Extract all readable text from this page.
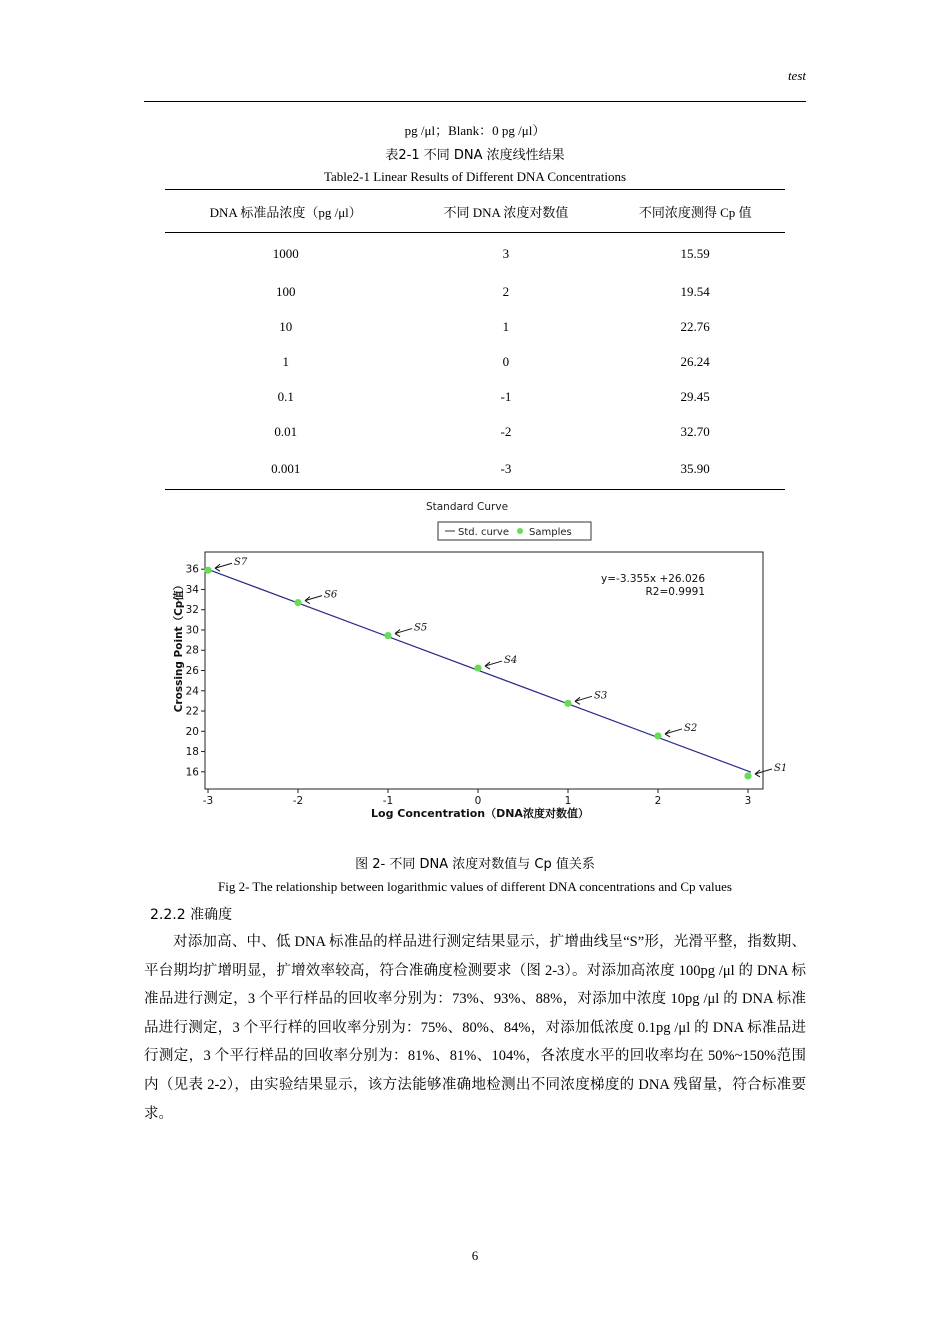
test
pg /μl；Blank：0 pg /μl）
表2-1 不同 DNA 浓度线性结果
Table2-1 Linear Results of Different DNA Concentrations
DNA 标准品浓度（pg /μl）	不同 DNA 浓度对数值	不同浓度测得 Cp 值
1000	3	15.59
100	2	19.54
10	1	22.76
1	0	26.24
0.1	-1	29.45
0.01	-2	32.70
0.001	-3	35.90
Standard Curve
Std. curve Samples
16
18
20
22
24
26
28
30
32
34
36
-3	-2	-1	0	1	2	3
S1
S2
S3
S4
S5
S6
S7
y=-3.355x +26.026
R2=0.9991
Log Concentration（DNA浓度对数值）
Crossing Point（Cp值）
图 2- 不同 DNA 浓度对数值与 Cp 值关系
Fig 2- The relationship between logarithmic values of different DNA concentrations and Cp values
2.2.2 准确度
对添加高、中、低 DNA 标准品的样品进行测定结果显示，扩增曲线呈“S”形，光滑平整，指数期、平台期均扩增明显，扩增效率较高，符合准确度检测要求（图 2-3）。对添加高浓度 100pg /μl 的 DNA 标准品进行测定，3 个平行样品的回收率分别为：73%、93%、88%，对添加中浓度 10pg /μl 的 DNA 标准品进行测定，3 个平行样的回收率分别为：75%、80%、84%，对添加低浓度 0.1pg /μl 的 DNA 标准品进行测定，3 个平行样品的回收率分别为：81%、81%、104%，各浓度水平的回收率均在 50%~150%范围内（见表 2-2），由实验结果显示，该方法能够准确地检测出不同浓度梯度的 DNA 残留量，符合标准要求。
6
